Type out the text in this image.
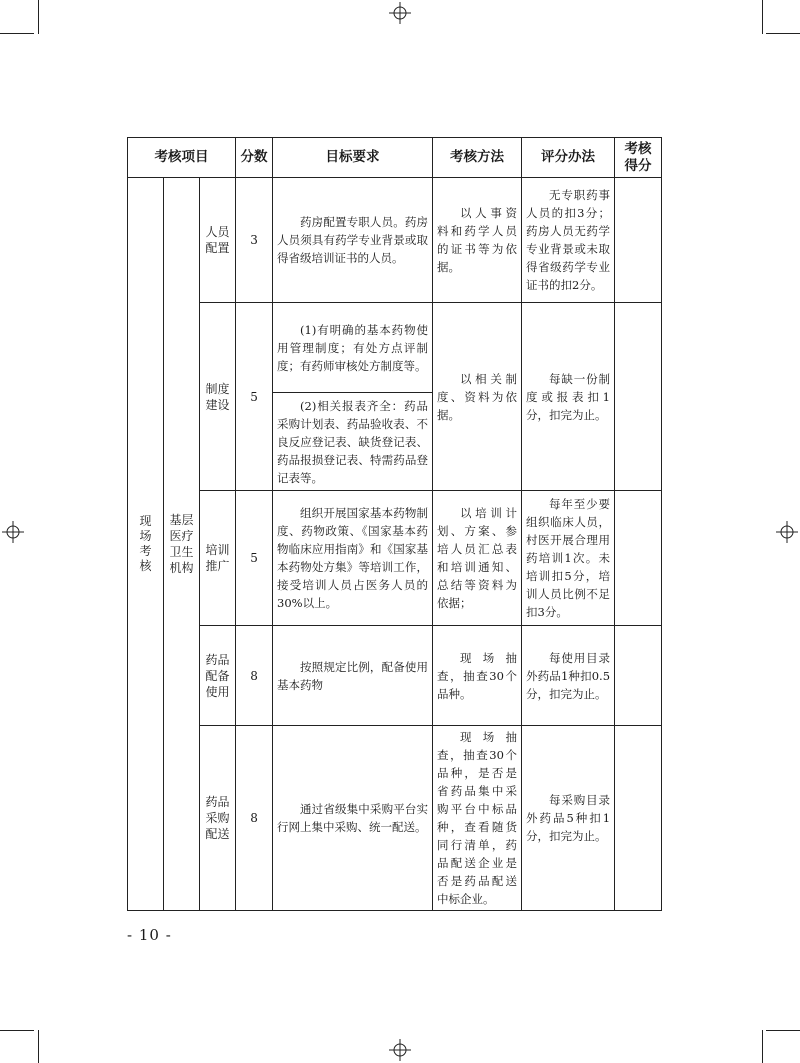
考核项目			分数	目标要求	考核方法	评分办法	考核得分

现场考核	基层医疗卫生机构	人员配置	3	药房配置专职人员。药房人员须具有药学专业背景或取得省级培训证书的人员。	以人事资料和药学人员的证书等为依据。	无专职药事人员的扣3分；药房人员无药学专业背景或未取得省级药学专业证书的扣2分。	

		制度建设	5	(1)有明确的基本药物使用管理制度；有处方点评制度；有药师审核处方制度等。	以相关制度、资料为依据。	每缺一份制度或报表扣1分，扣完为止。	

				(2)相关报表齐全：药品采购计划表、药品验收表、不良反应登记表、缺货登记表、药品报损登记表、特需药品登记表等。			

		培训推广	5	组织开展国家基本药物制度、药物政策、《国家基本药物临床应用指南》和《国家基本药物处方集》等培训工作，接受培训人员占医务人员的30%以上。	以培训计划、方案、参培人员汇总表和培训通知、总结等资料为依据；	每年至少要组织临床人员，村医开展合理用药培训1次。未培训扣5分，培训人员比例不足扣3分。	

		药品配备使用	8	按照规定比例，配备使用基本药物	现场抽查，抽查30个品种。	每使用目录外药品1种扣0.5分，扣完为止。	

		药品采购配送	8	通过省级集中采购平台实行网上集中采购、统一配送。	现场抽查，抽查30个品种，是否是省药品集中采购平台中标品种，查看随货同行清单，药品配送企业是否是药品配送中标企业。	每采购目录外药品5种扣1分，扣完为止。	

- 10 -
